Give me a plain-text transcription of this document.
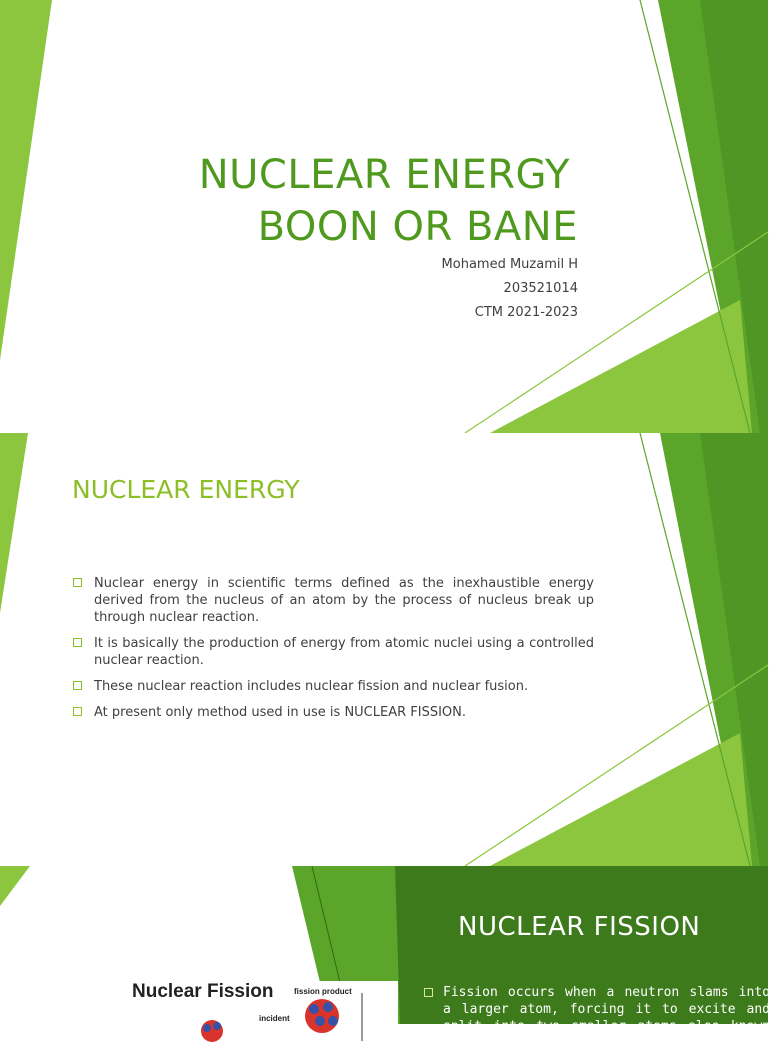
NUCLEAR ENERGY
BOON OR BANE

Mohamed Muzamil H

203521014

CTM 2021-2023

NUCLEAR ENERGY
Nuclear energy in scientific terms defined as the inexhaustible energy derived from the nucleus of an atom by the process of nucleus break up through nuclear reaction.
It is basically the production of energy from atomic nuclei using a controlled nuclear reaction.
These nuclear reaction includes nuclear fission and nuclear fusion.
At present only method used in use is NUCLEAR FISSION.
NUCLEAR FISSION

Fission occurs when a neutron slams into a larger atom, forcing it to excite and split into two smaller atoms also known as fission

Nuclear Fission	fission product

incident
